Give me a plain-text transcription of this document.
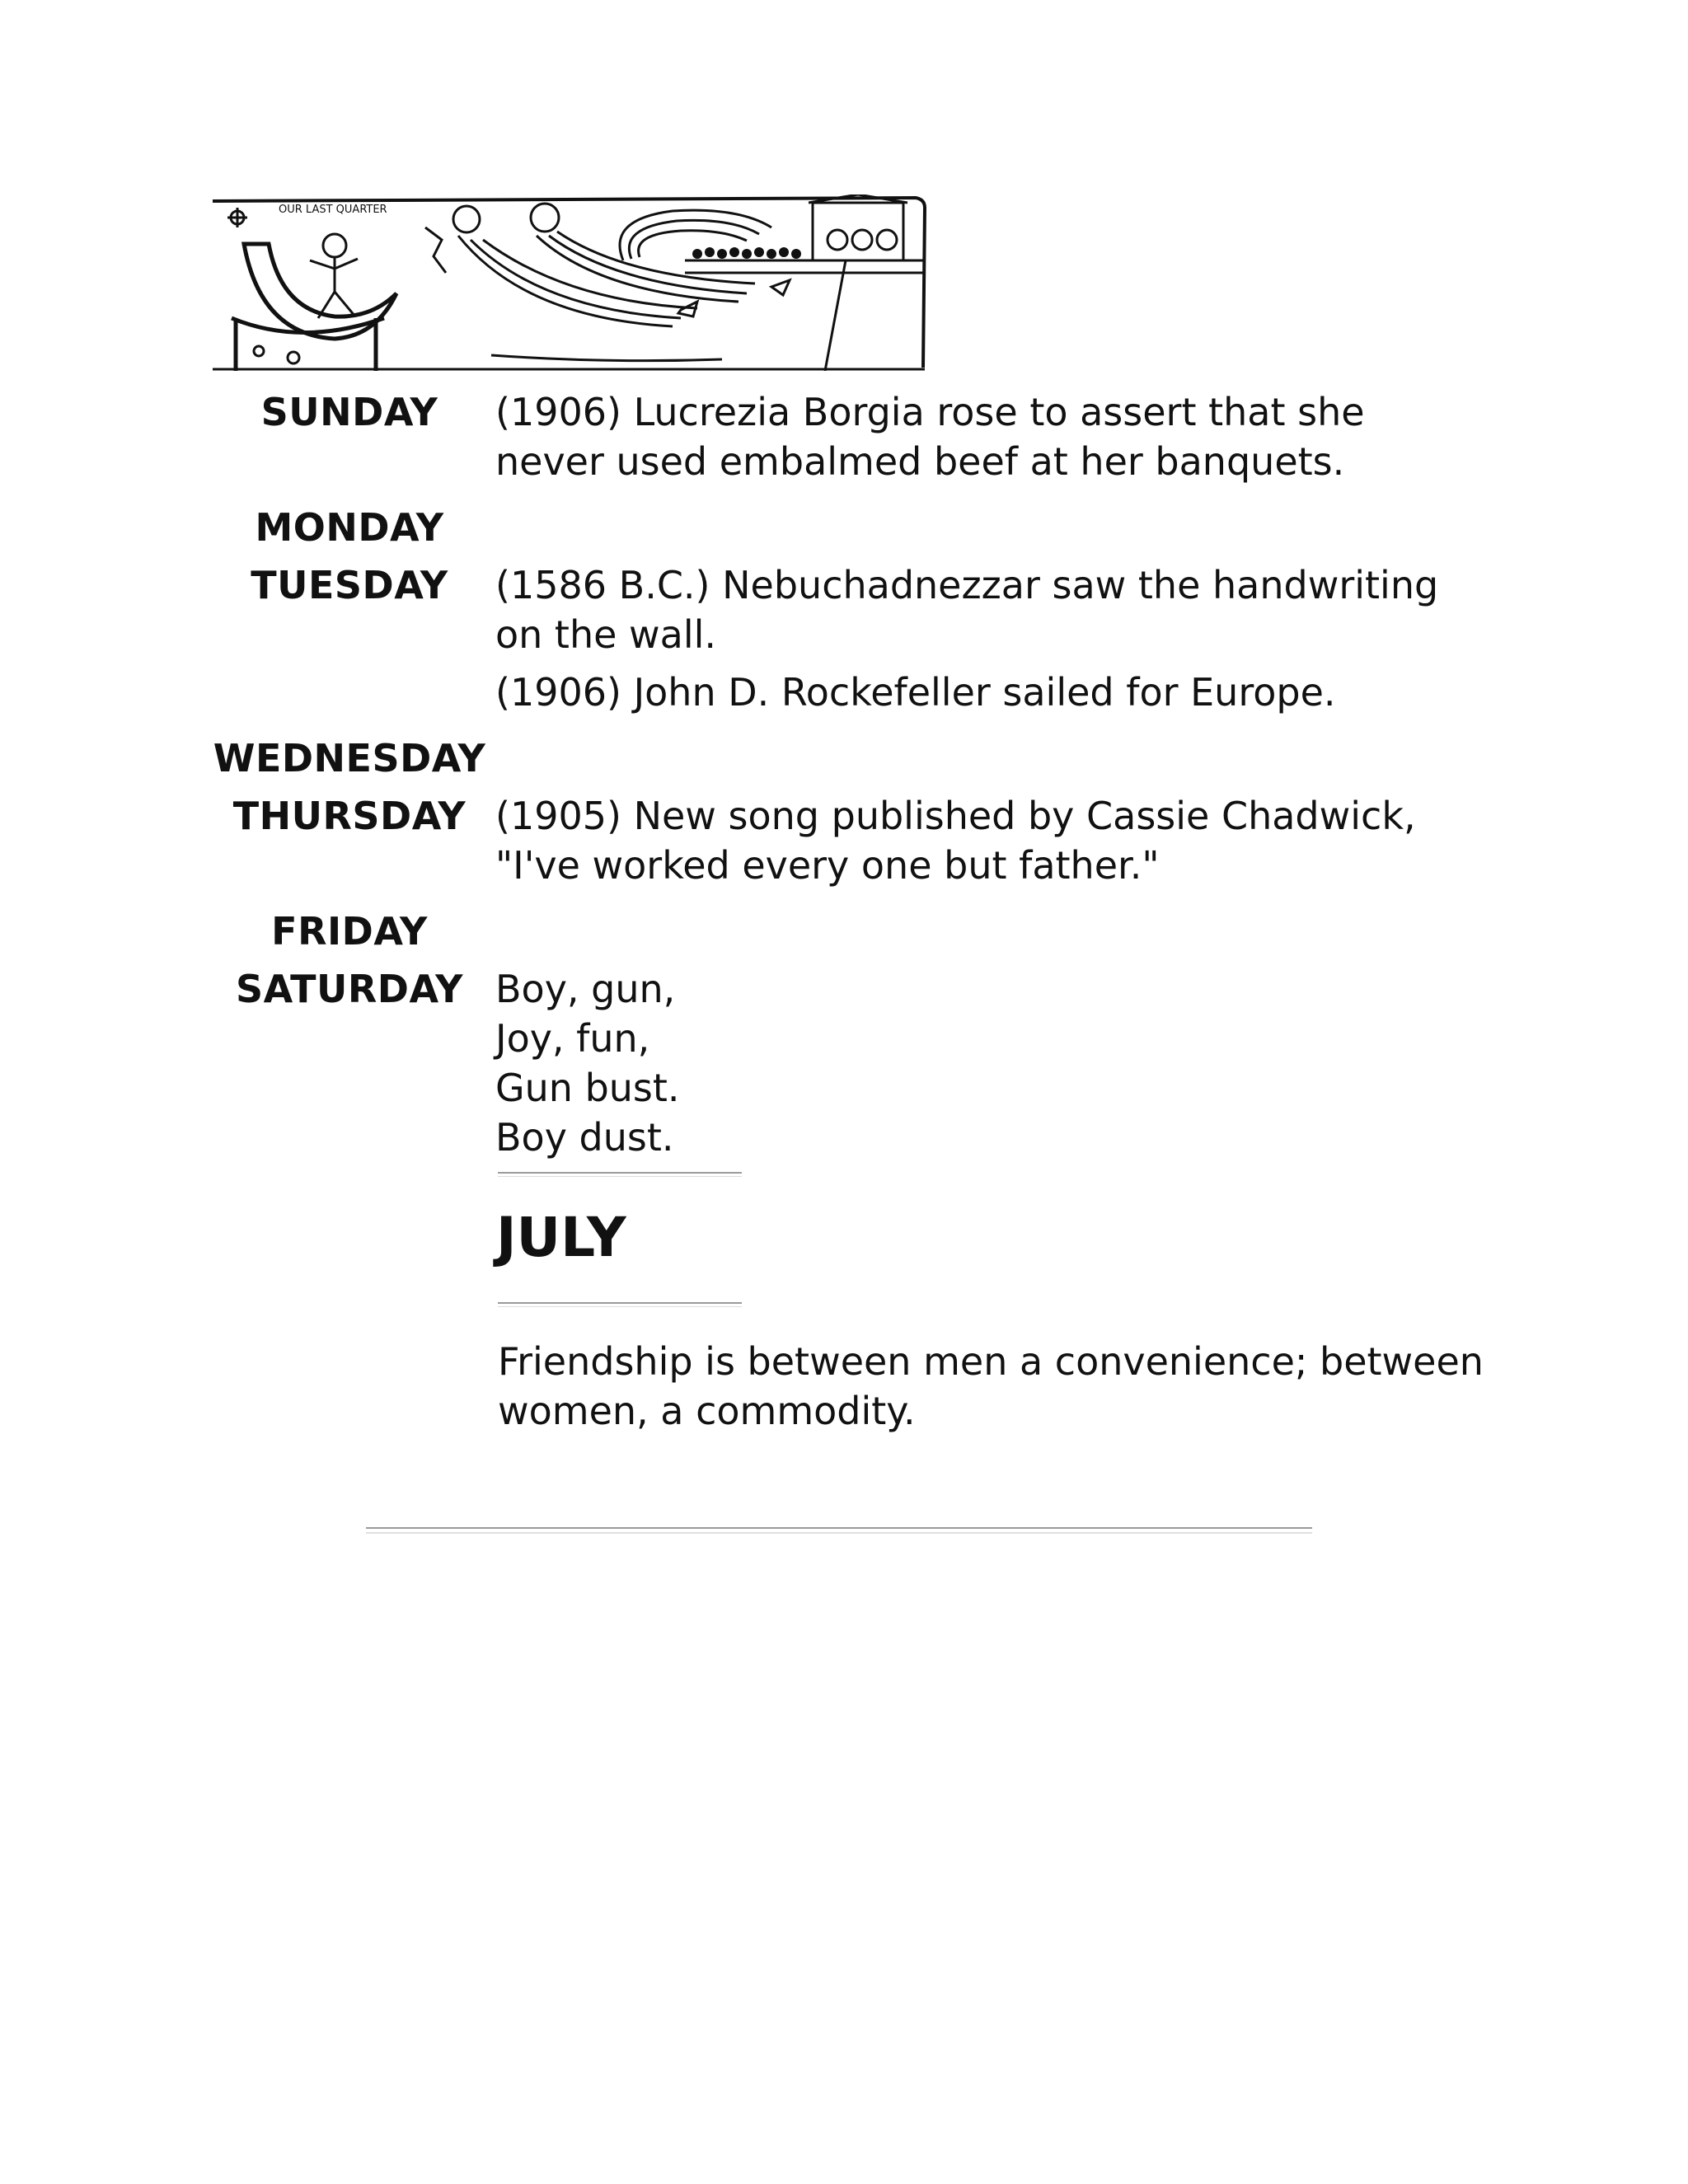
OUR LAST QUARTER
SUNDAY	(1906) Lucrezia Borgia rose to assert that she never used embalmed beef at her banquets.

MONDAY
TUESDAY	(1586 B.C.) Nebuchadnezzar saw the handwriting on the wall.

(1906) John D. Rockefeller sailed for Europe.

WEDNESDAY
THURSDAY (1905) New song published by Cassie Chadwick, "I've worked every one but father."

FRIDAY
SATURDAY Boy, gun,
Joy, fun,
Gun bust.
Boy dust.
JULY
Friendship is between men a convenience; between women, a commodity.
